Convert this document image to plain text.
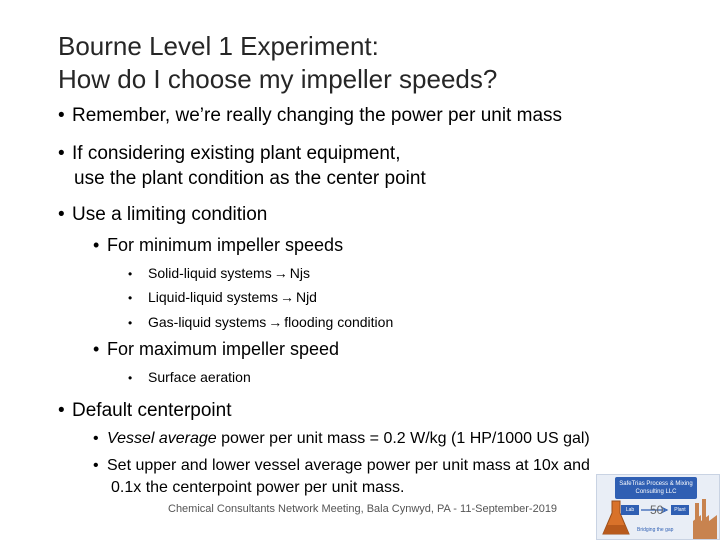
Bourne Level 1 Experiment:
How do I choose my impeller speeds?
• Remember, we’re really changing the power per unit mass
• If considering existing plant equipment,
use the plant condition as the center point
• Use a limiting condition
• For minimum impeller speeds
• Solid-liquid systems → Njs
• Liquid-liquid systems → Njd
• Gas-liquid systems → flooding condition
• For maximum impeller speed
• Surface aeration
• Default centerpoint
• Vessel average power per unit mass = 0.2 W/kg (1 HP/1000 US gal)
• Set upper and lower vessel average power per unit mass at 10x and
0.1x the centerpoint power per unit mass.	SafeTrias Process & Mixing Consulting LLC
Lab	Plant
Bridging the gap
Chemical Consultants Network Meeting, Bala Cynwyd, PA - 11-September-2019	50
